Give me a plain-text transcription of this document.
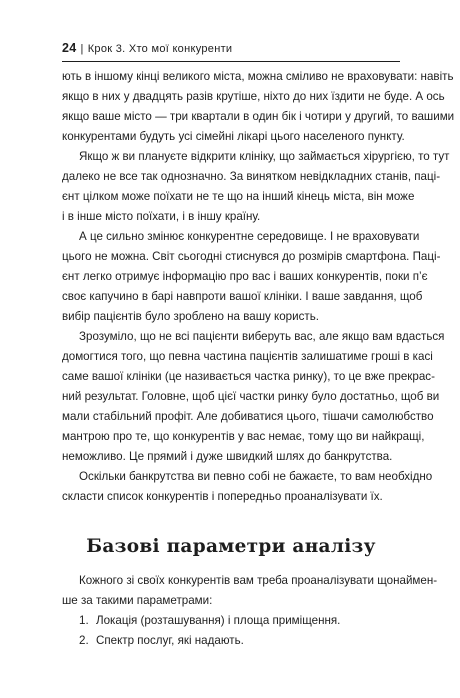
24 | Крок 3. Хто мої конкуренти
ють в іншому кінці великого міста, можна сміливо не враховувати: навіть
якщо в них у двадцять разів крутіше, ніхто до них їздити не буде. А ось
якщо ваше місто — три квартали в один бік і чотири у другий, то вашими
конкурентами будуть усі сімейні лікарі цього населеного пункту.
Якщо ж ви плануєте відкрити клініку, що займається хірургією, то тут
далеко не все так однозначно. За винятком невідкладних станів, паці-
єнт цілком може поїхати не те що на інший кінець міста, він може
і в інше місто поїхати, і в іншу країну.
А це сильно змінює конкурентне середовище. І не враховувати
цього не можна. Світ сьогодні стиснувся до розмірів смартфона. Паці-
єнт легко отримує інформацію про вас і ваших конкурентів, поки п’є
своє капучино в барі навпроти вашої клініки. І ваше завдання, щоб
вибір пацієнтів було зроблено на вашу користь.
Зрозуміло, що не всі пацієнти виберуть вас, але якщо вам вдасться
домогтися того, що певна частина пацієнтів залишатиме гроші в касі
саме вашої клініки (це називається частка ринку), то це вже прекрас-
ний результат. Головне, щоб цієї частки ринку було достатньо, щоб ви
мали стабільний профіт. Але добиватися цього, тішачи самолюбство
мантрою про те, що конкурентів у вас немає, тому що ви найкращі,
неможливо. Це прямий і дуже швидкий шлях до банкрутства.
Оскільки банкрутства ви певно собі не бажаєте, то вам необхідно
скласти список конкурентів і попередньо проаналізувати їх.
Базові параметри аналізу
Кожного зі своїх конкурентів вам треба проаналізувати щонаймен-
ше за такими параметрами:
1. Локація (розташування) і площа приміщення.
2. Спектр послуг, які надають.
